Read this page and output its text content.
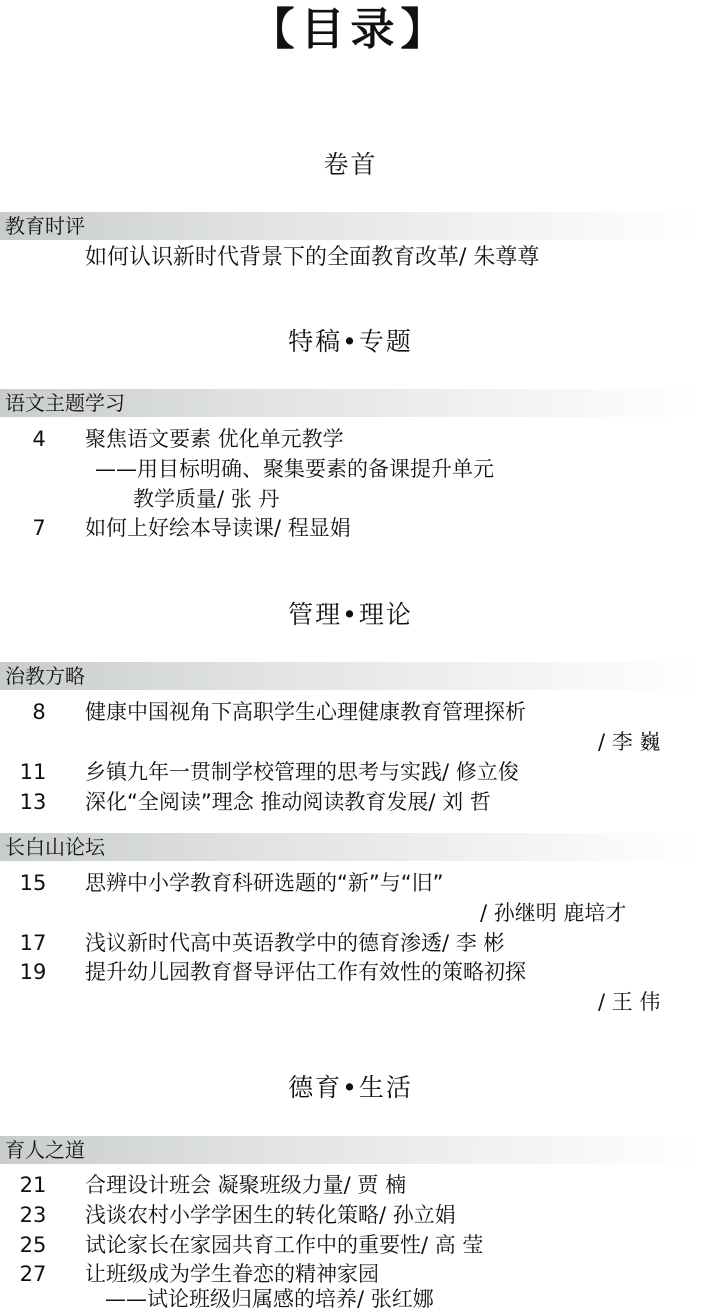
【目录】
卷首
教育时评
如何认识新时代背景下的全面教育改革/ 朱尊尊
特稿•专题
语文主题学习
4	聚焦语文要素 优化单元教学
——用目标明确、聚集要素的备课提升单元
教学质量/ 张 丹
7	如何上好绘本导读课/ 程显娟
管理•理论
治教方略
8	健康中国视角下高职学生心理健康教育管理探析
/ 李 巍
11	乡镇九年一贯制学校管理的思考与实践/ 修立俊
13	深化“全阅读”理念 推动阅读教育发展/ 刘 哲
长白山论坛
15	思辨中小学教育科研选题的“新”与“旧”
/ 孙继明 鹿培才
17	浅议新时代高中英语教学中的德育渗透/ 李 彬
19	提升幼儿园教育督导评估工作有效性的策略初探
/ 王 伟
德育•生活
育人之道
21	合理设计班会 凝聚班级力量/ 贾 楠
23	浅谈农村小学学困生的转化策略/ 孙立娟
25	试论家长在家园共育工作中的重要性/ 高 莹
27	让班级成为学生眷恋的精神家园
——试论班级归属感的培养/ 张红娜
